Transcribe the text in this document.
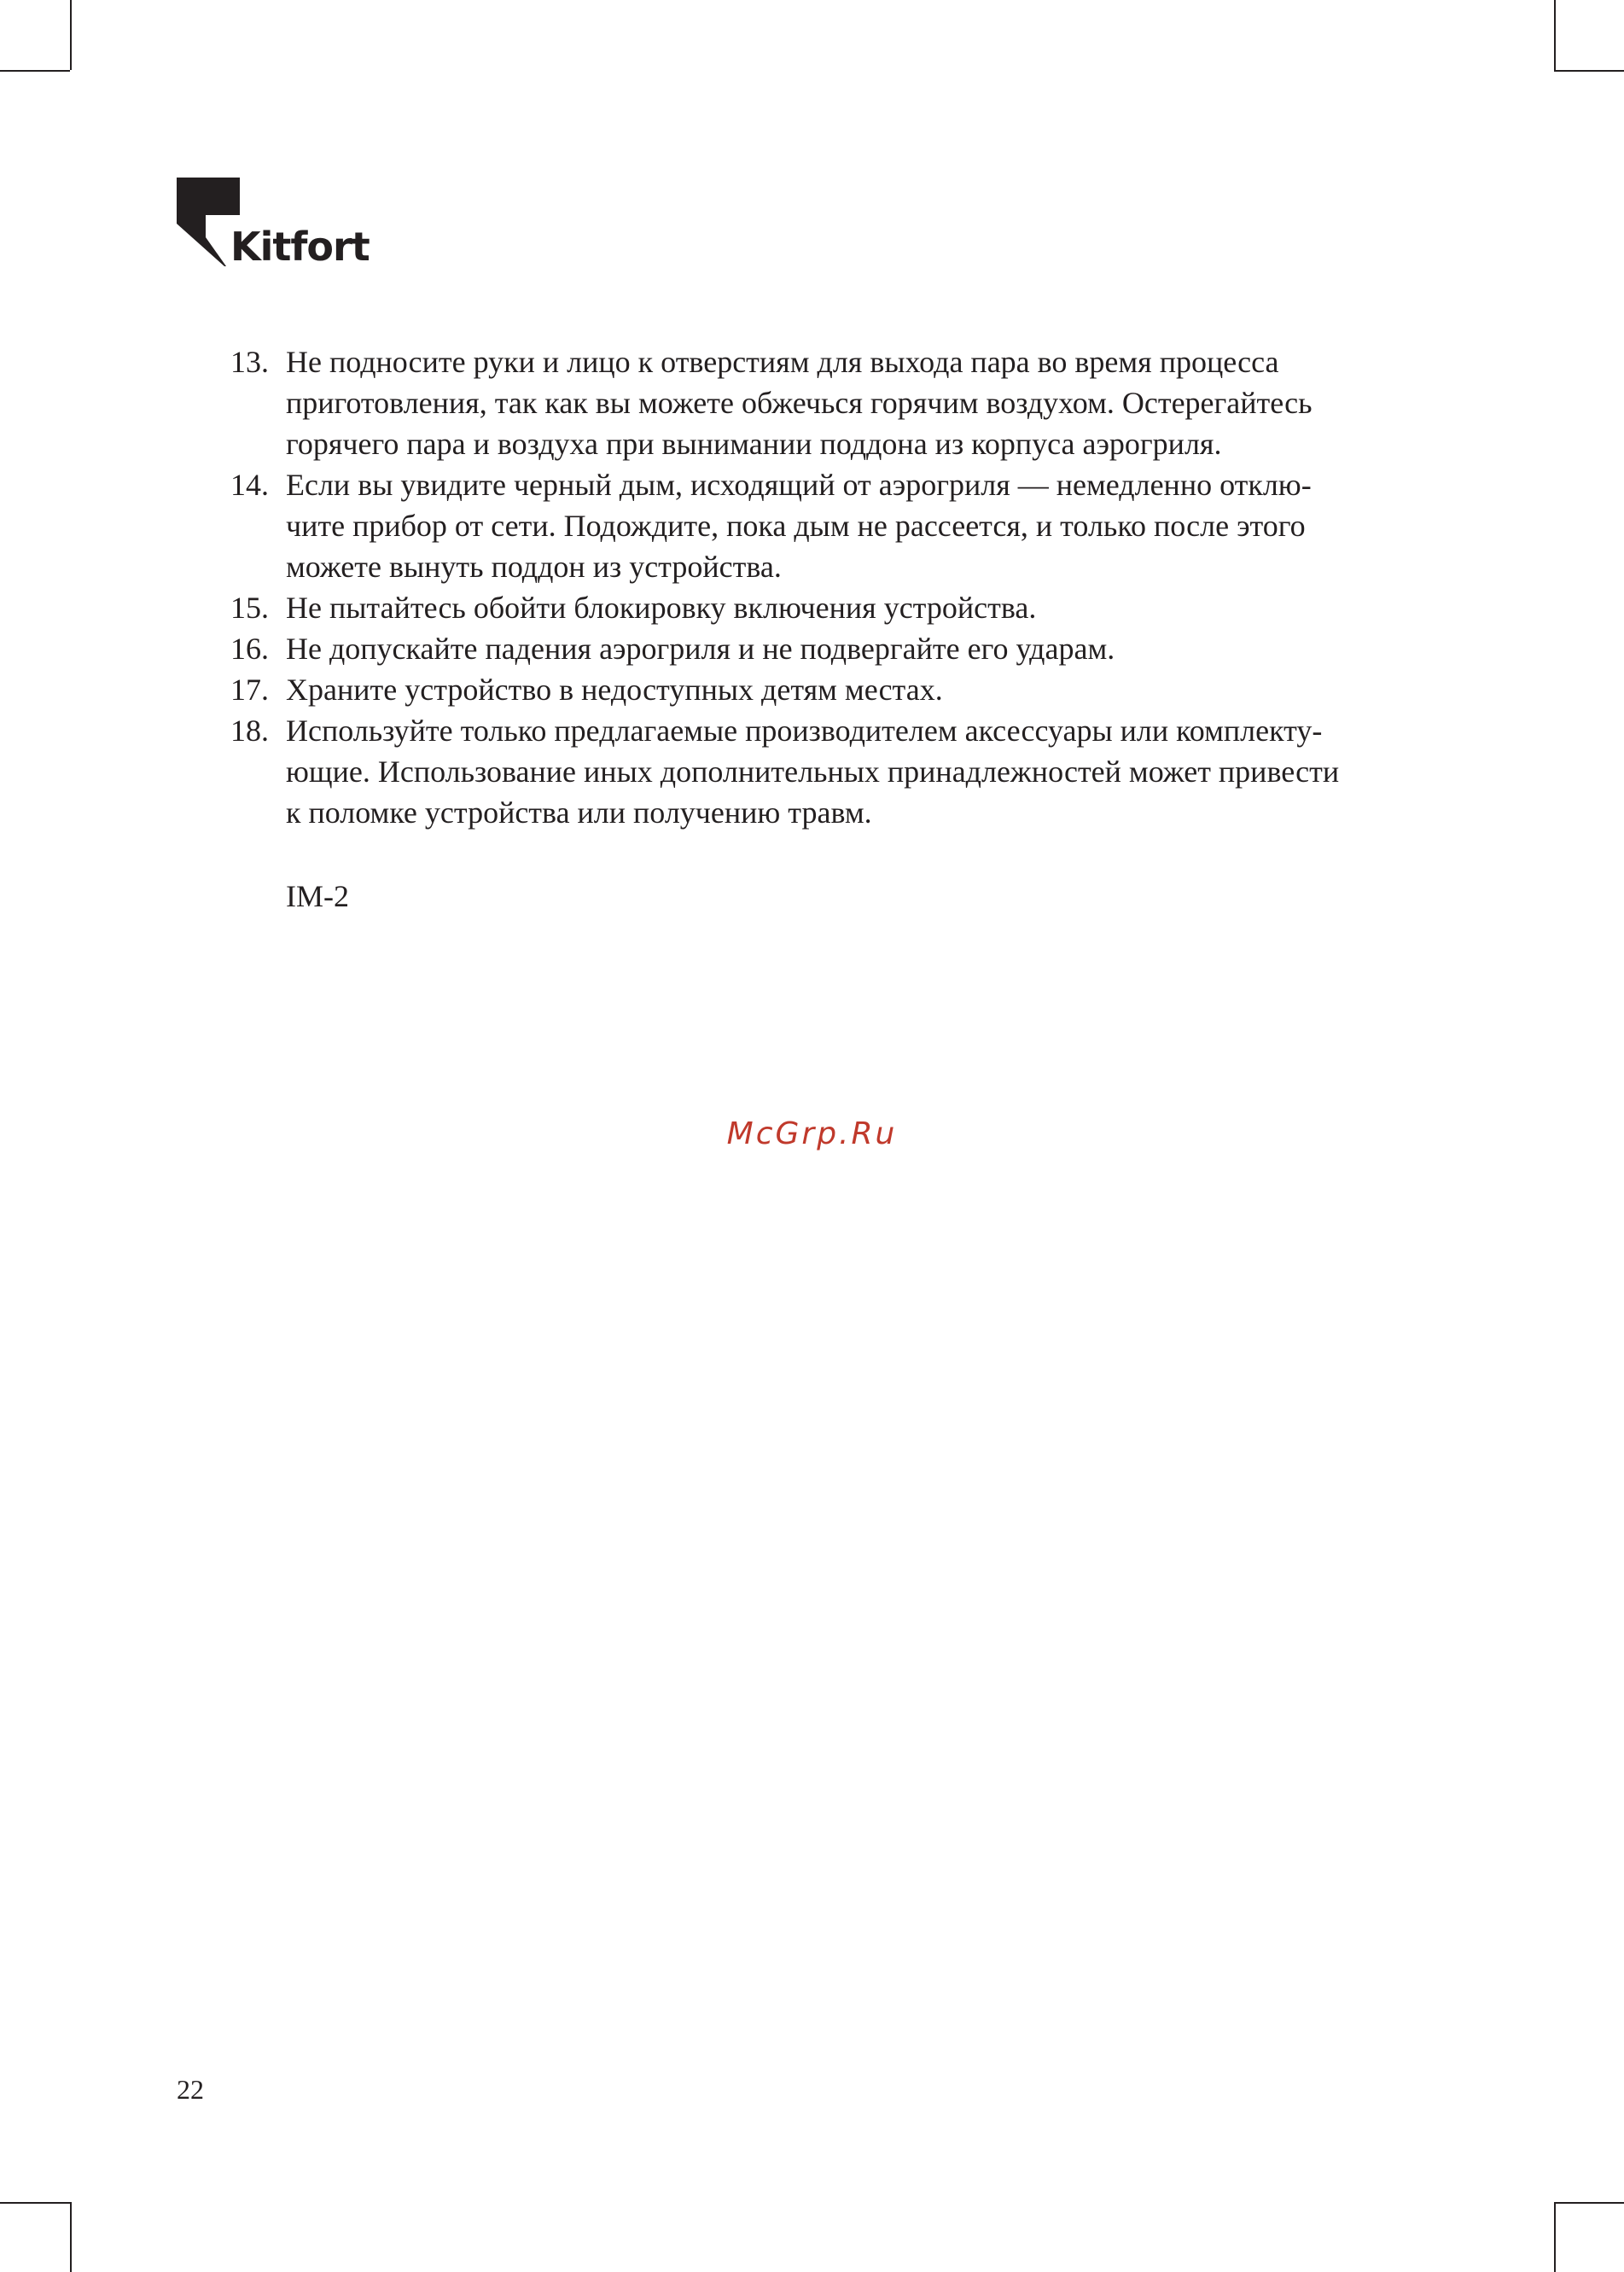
Kitfort
13. Не подносите руки и лицо к отверстиям для выхода пара во время процесса
приготовления, так как вы можете обжечься горячим воздухом. Остерегайтесь
горячего пара и воздуха при вынимании поддона из корпуса аэрогриля.
14. Если вы увидите черный дым, исходящий от аэрогриля — немедленно отклю-
чите прибор от сети. Подождите, пока дым не рассеется, и только после этого
можете вынуть поддон из устройства.
15. Не пытайтесь обойти блокировку включения устройства.
16. Не допускайте падения аэрогриля и не подвергайте его ударам.
17. Храните устройство в недоступных детям местах.
18. Используйте только предлагаемые производителем аксессуары или комплекту-
ющие. Использование иных дополнительных принадлежностей может привести
к поломке устройства или получению травм.
IM-2
McGrp.Ru
22
